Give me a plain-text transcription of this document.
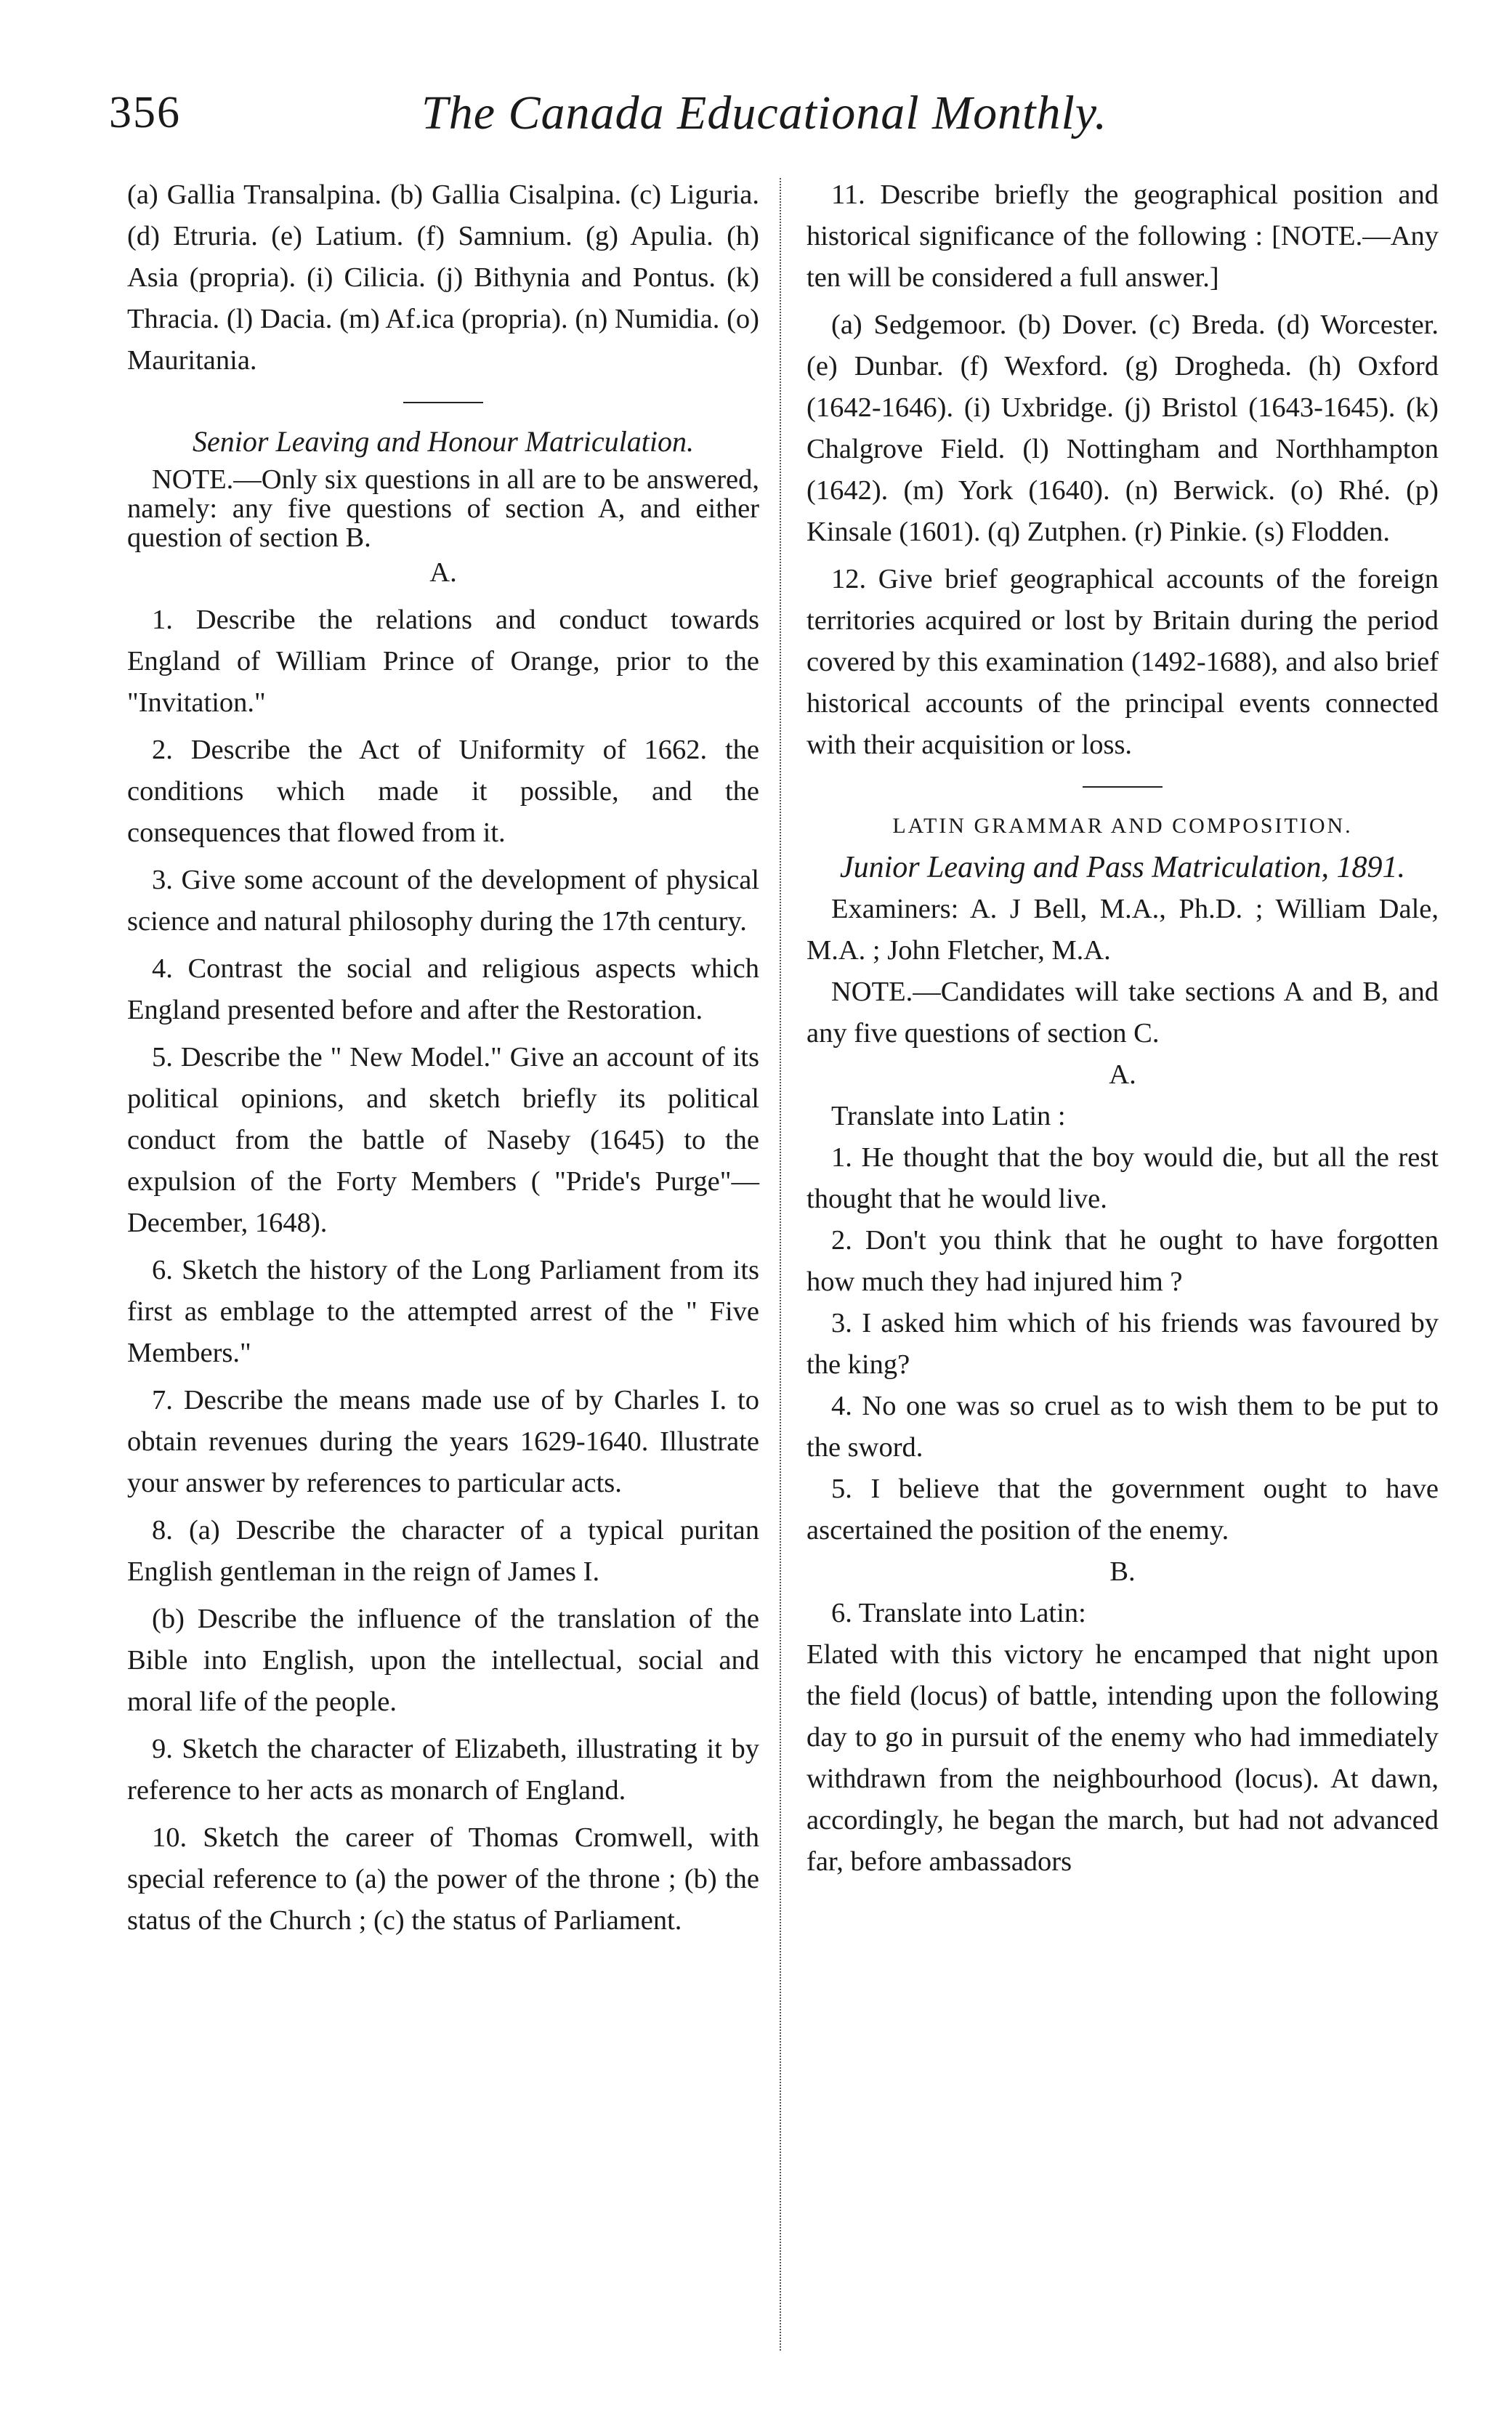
356	The Canada Educational Monthly.

(a) Gallia Transalpina. (b) Gallia Cisalpina. (c) Liguria. (d) Etruria. (e) Latium. (f) Samnium. (g) Apulia. (h) Asia (propria). (i) Cilicia. (j) Bithynia and Pontus. (k) Thracia. (l) Dacia. (m) Af.ica (propria). (n) Numidia. (o) Mauritania.

Senior Leaving and Honour Matriculation.

NOTE.—Only six questions in all are to be answered, namely: any five questions of section A, and either question of section B.

A.

1. Describe the relations and conduct towards England of William Prince of Orange, prior to the "Invitation."

2. Describe the Act of Uniformity of 1662. the conditions which made it possible, and the consequences that flowed from it.

3. Give some account of the development of physical science and natural philosophy during the 17th century.

4. Contrast the social and religious aspects which England presented before and after the Restoration.

5. Describe the " New Model." Give an account of its political opinions, and sketch briefly its political conduct from the battle of Naseby (1645) to the expulsion of the Forty Members ( "Pride's Purge"—December, 1648).

6. Sketch the history of the Long Parliament from its first as emblage to the attempted arrest of the " Five Members."

7. Describe the means made use of by Charles I. to obtain revenues during the years 1629-1640. Illustrate your answer by references to particular acts.

8. (a) Describe the character of a typical puritan English gentleman in the reign of James I.

(b) Describe the influence of the translation of the Bible into English, upon the intellectual, social and moral life of the people.

9. Sketch the character of Elizabeth, illustrating it by reference to her acts as monarch of England.

10. Sketch the career of Thomas Cromwell, with special reference to (a) the power of the throne ; (b) the status of the Church ; (c) the status of Parliament.

11. Describe briefly the geographical position and historical significance of the following : [NOTE.—Any ten will be considered a full answer.]

(a) Sedgemoor. (b) Dover. (c) Breda. (d) Worcester. (e) Dunbar. (f) Wexford. (g) Drogheda. (h) Oxford (1642-1646). (i) Uxbridge. (j) Bristol (1643-1645). (k) Chalgrove Field. (l) Nottingham and Northhampton (1642). (m) York (1640). (n) Berwick. (o) Rhé. (p) Kinsale (1601). (q) Zutphen. (r) Pinkie. (s) Flodden.

12. Give brief geographical accounts of the foreign territories acquired or lost by Britain during the period covered by this examination (1492-1688), and also brief historical accounts of the principal events connected with their acquisition or loss.

LATIN GRAMMAR AND COMPOSITION.

Junior Leaving and Pass Matriculation, 1891.

Examiners: A. J Bell, M.A., Ph.D. ; William Dale, M.A. ; John Fletcher, M.A.

NOTE.—Candidates will take sections A and B, and any five questions of section C.

A.

Translate into Latin :

1. He thought that the boy would die, but all the rest thought that he would live.

2. Don't you think that he ought to have forgotten how much they had injured him ?

3. I asked him which of his friends was favoured by the king?

4. No one was so cruel as to wish them to be put to the sword.

5. I believe that the government ought to have ascertained the position of the enemy.

B.

6. Translate into Latin:

Elated with this victory he encamped that night upon the field (locus) of battle, intending upon the following day to go in pursuit of the enemy who had immediately withdrawn from the neighbourhood (locus). At dawn, accordingly, he began the march, but had not advanced far, before ambassadors
